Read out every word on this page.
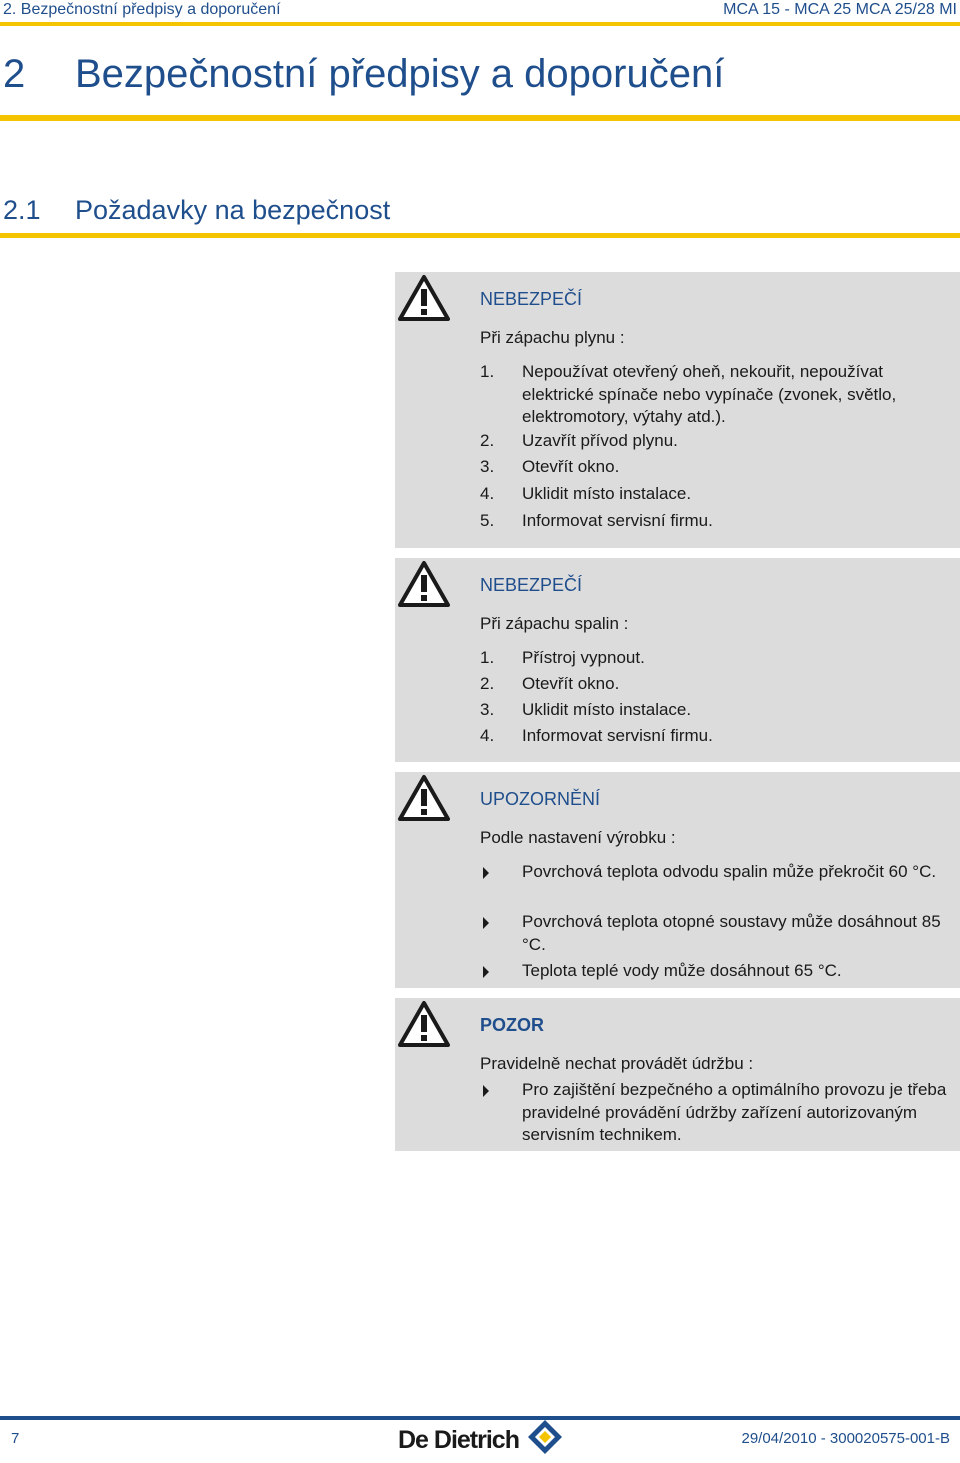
2. Bezpečnostní předpisy a doporučení	MCA 15 - MCA 25 MCA 25/28 MI
2 Bezpečnostní předpisy a doporučení
2.1 Požadavky na bezpečnost
NEBEZPEČÍ
Při zápachu plynu :
1. Nepoužívat otevřený oheň, nekouřit, nepoužívat elektrické spínače nebo vypínače (zvonek, světlo, elektromotory, výtahy atd.).
2. Uzavřít přívod plynu.
3. Otevřít okno.
4. Uklidit místo instalace.
5. Informovat servisní firmu.
NEBEZPEČÍ
Při zápachu spalin :
1. Přístroj vypnout.
2. Otevřít okno.
3. Uklidit místo instalace.
4. Informovat servisní firmu.
UPOZORNĚNÍ
Podle nastavení výrobku :
Povrchová teplota odvodu spalin může překročit 60 °C.
Povrchová teplota otopné soustavy může dosáhnout 85 °C.
Teplota teplé vody může dosáhnout 65 °C.
POZOR
Pravidelně nechat provádět údržbu :
Pro zajištění bezpečného a optimálního provozu je třeba pravidelné provádění údržby zařízení autorizovaným servisním technikem.
7	De Dietrich	29/04/2010 - 300020575-001-B
